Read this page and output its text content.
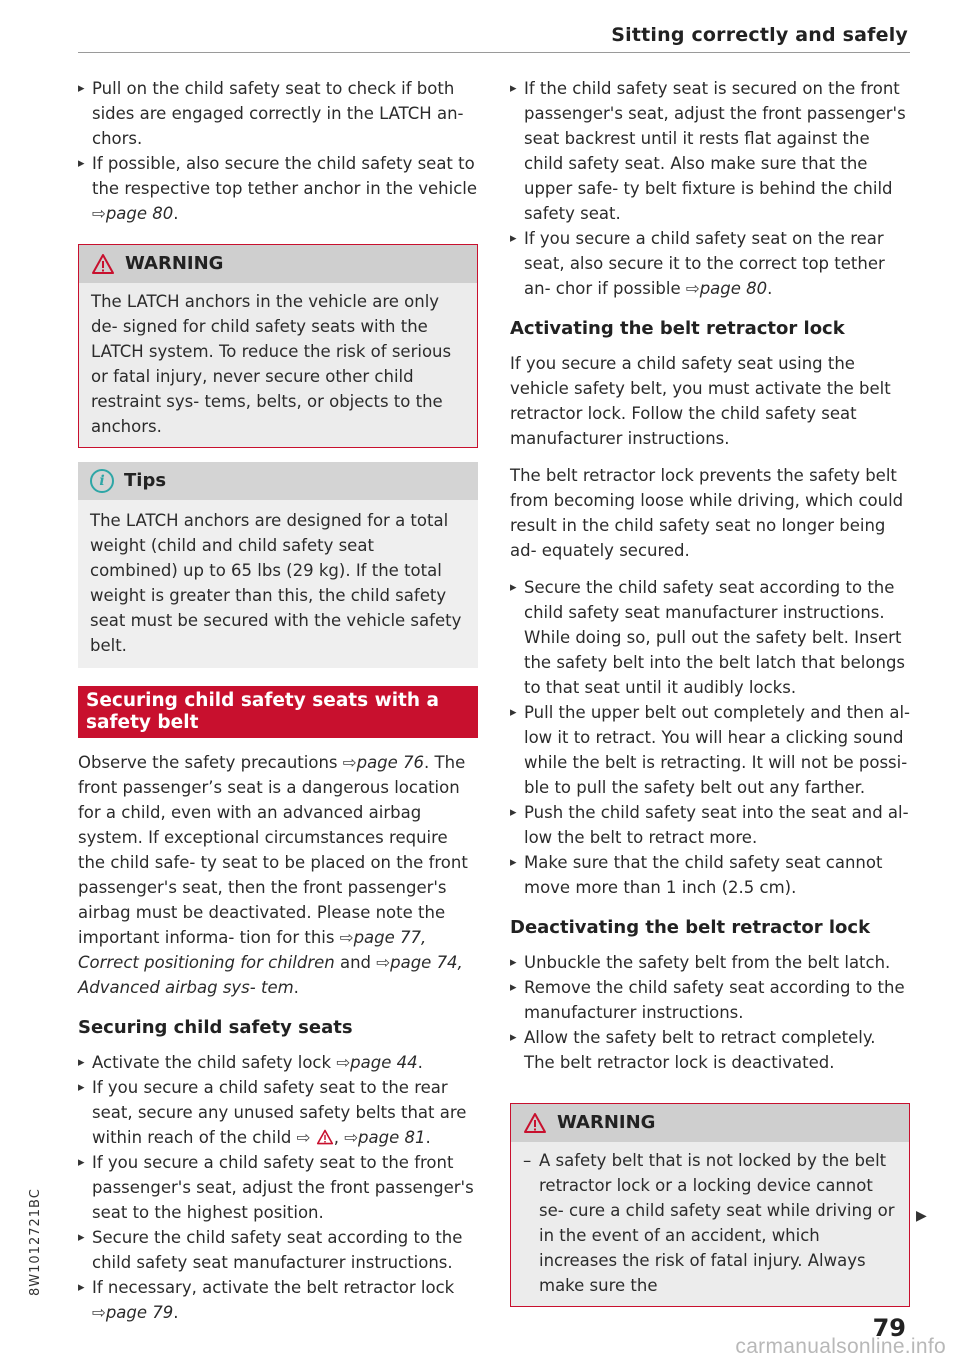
Sitting correctly and safely

▸ Pull on the child safety seat to check if both sides are engaged correctly in the LATCH an- chors.

▸ If possible, also secure the child safety seat to the respective top tether anchor in the vehicle ⇨page 80.

WARNING
The LATCH anchors in the vehicle are only de- signed for child safety seats with the LATCH system. To reduce the risk of serious or fatal injury, never secure other child restraint sys- tems, belts, or objects to the anchors.
i	Tips
The LATCH anchors are designed for a total weight (child and child safety seat combined) up to 65 lbs (29 kg). If the total weight is greater than this, the child safety seat must be secured with the vehicle safety belt.
Securing child safety seats with a safety belt

Observe the safety precautions ⇨page 76. The front passenger’s seat is a dangerous location for a child, even with an advanced airbag system. If exceptional circumstances require the child safe- ty seat to be placed on the front passenger's seat, then the front passenger's airbag must be deactivated. Please note the important informa- tion for this ⇨page 77, Correct positioning for children and ⇨page 74, Advanced airbag sys- tem.

Securing child safety seats

▸ Activate the child safety lock ⇨page 44.

▸ If you secure a child safety seat to the rear seat, secure any unused safety belts that are within reach of the child ⇨ , ⇨page 81.

▸ If you secure a child safety seat to the front passenger's seat, adjust the front passenger's seat to the highest position.

▸ Secure the child safety seat according to the child safety seat manufacturer instructions.

▸ If necessary, activate the belt retractor lock ⇨page 79.

▸ If the child safety seat is secured on the front passenger's seat, adjust the front passenger's seat backrest until it rests flat against the child safety seat. Also make sure that the upper safe- ty belt fixture is behind the child safety seat.

▸ If you secure a child safety seat on the rear seat, also secure it to the correct top tether an- chor if possible ⇨page 80.

Activating the belt retractor lock

If you secure a child safety seat using the vehicle safety belt, you must activate the belt retractor lock. Follow the child safety seat manufacturer instructions.

The belt retractor lock prevents the safety belt from becoming loose while driving, which could result in the child safety seat no longer being ad- equately secured.

▸ Secure the child safety seat according to the child safety seat manufacturer instructions. While doing so, pull out the safety belt. Insert the safety belt into the belt latch that belongs to that seat until it audibly locks.

▸ Pull the upper belt out completely and then al- low it to retract. You will hear a clicking sound while the belt is retracting. It will not be possi- ble to pull the safety belt out any farther.

▸ Push the child safety seat into the seat and al- low the belt to retract more.

▸ Make sure that the child safety seat cannot move more than 1 inch (2.5 cm).

Deactivating the belt retractor lock

▸ Unbuckle the safety belt from the belt latch.

▸ Remove the child safety seat according to the manufacturer instructions.

▸ Allow the safety belt to retract completely. The belt retractor lock is deactivated.

WARNING

– A safety belt that is not locked by the belt retractor lock or a locking device cannot se- cure a child safety seat while driving or in the event of an accident, which increases the risk of fatal injury. Always make sure the

▶
8W1012721BC
79
carmanualsonline.info
